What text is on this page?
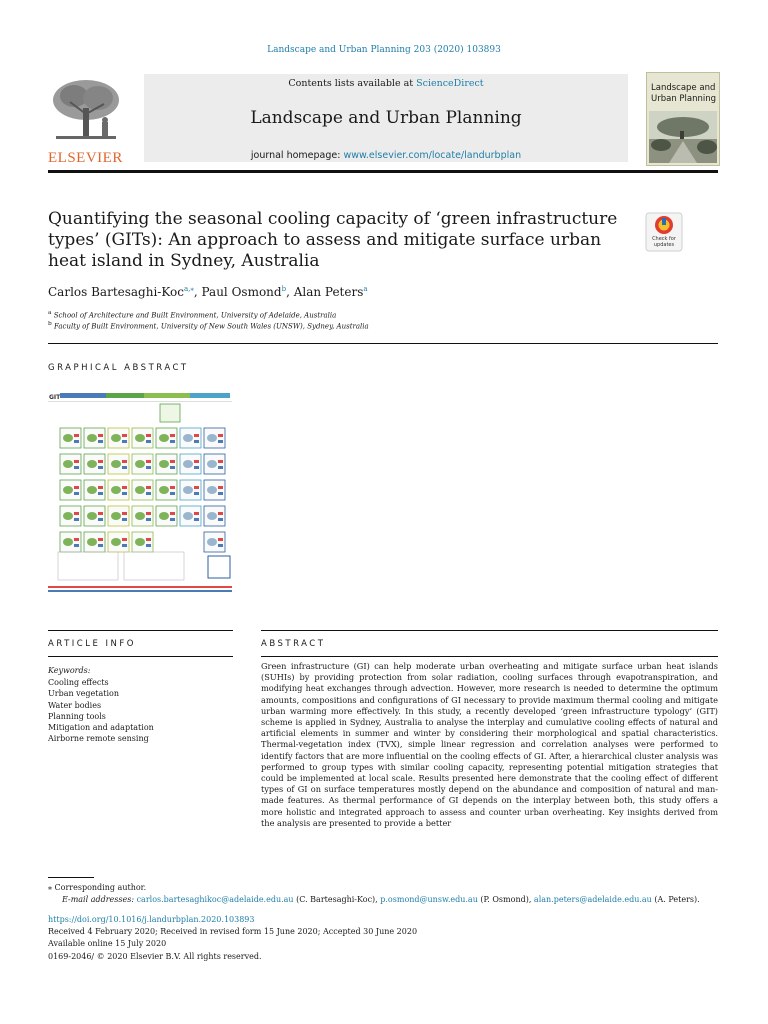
Landscape and Urban Planning 203 (2020) 103893
ELSEVIER
Contents lists available at ScienceDirect
Landscape and Urban Planning
journal homepage: www.elsevier.com/locate/landurbplan
Landscape and Urban Planning
Quantifying the seasonal cooling capacity of ‘green infrastructure types’ (GITs): An approach to assess and mitigate surface urban heat island in Sydney, Australia
Check for updates
Carlos Bartesaghi-Koc$^{a,⁎}$, Paul Osmond$^b$, Alan Peters$^a$
$^a$ School of Architecture and Built Environment, University of Adelaide, Australia
$^b$ Faculty of Built Environment, University of New South Wales (UNSW), Sydney, Australia
GRAPHICAL ABSTRACT
GIT
ARTICLE INFO	ABSTRACT
Keywords:
Cooling effects
Urban vegetation
Water bodies
Planning tools
Mitigation and adaptation
Airborne remote sensing
Green infrastructure (GI) can help moderate urban overheating and mitigate surface urban heat islands (SUHIs) by providing protection from solar radiation, cooling surfaces through evapotranspiration, and modifying heat exchanges through advection. However, more research is needed to determine the optimum amounts, compositions and configurations of GI necessary to provide maximum thermal cooling and mitigate urban warming more effectively. In this study, a recently developed ‘green infrastructure typology’ (GIT) scheme is applied in Sydney, Australia to analyse the interplay and cumulative cooling effects of natural and artificial elements in summer and winter by considering their morphological and spatial characteristics. Thermal-vegetation index (TVX), simple linear regression and correlation analyses were performed to identify factors that are more influential on the cooling effects of GI. After, a hierarchical cluster analysis was performed to group types with similar cooling capacity, representing potential mitigation strategies that could be implemented at local scale. Results presented here demonstrate that the cooling effect of different types of GI on surface temperatures mostly depend on the abundance and composition of natural and man-made features. As thermal performance of GI depends on the interplay between both, this study offers a more holistic and integrated approach to assess and counter urban overheating. Key insights derived from the analysis are presented to provide a better
⁎ Corresponding author.
E-mail addresses: carlos.bartesaghikoc@adelaide.edu.au (C. Bartesaghi-Koc), p.osmond@unsw.edu.au (P. Osmond), alan.peters@adelaide.edu.au (A. Peters).
https://doi.org/10.1016/j.landurbplan.2020.103893
Received 4 February 2020; Received in revised form 15 June 2020; Accepted 30 June 2020
Available online 15 July 2020
0169-2046/ © 2020 Elsevier B.V. All rights reserved.
